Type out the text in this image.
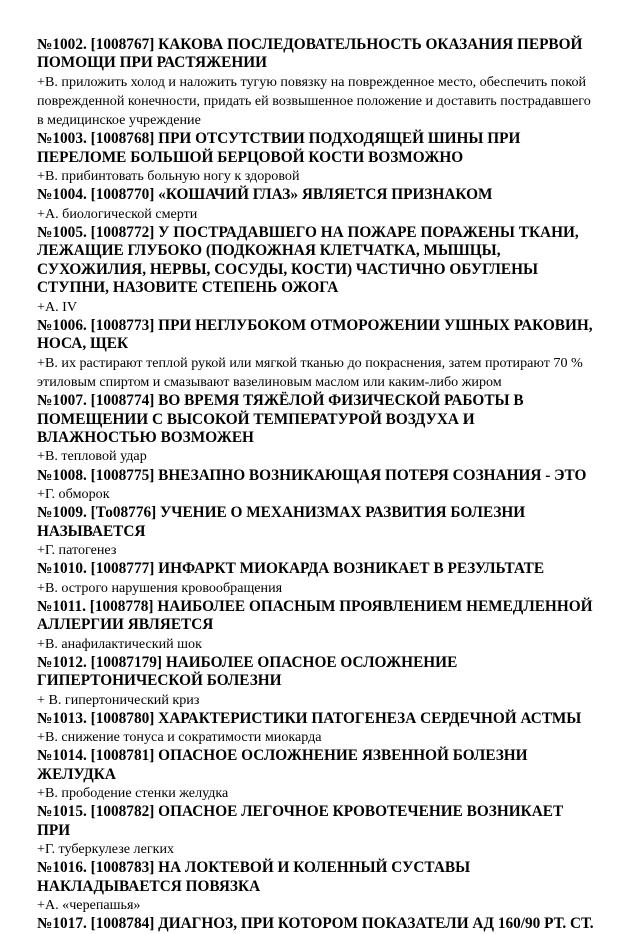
№1002. [1008767] КАКОВА ПОСЛЕДОВАТЕЛЬНОСТЬ ОКАЗАНИЯ ПЕРВОЙ ПОМОЩИ ПРИ РАСТЯЖЕНИИ

+В. приложить холод и наложить тугую повязку на поврежденное место, обеспечить покой поврежденной конечности, придать ей возвышенное положение и доставить пострадавшего в медицинское учреждение

№1003. [1008768] ПРИ ОТСУТСТВИИ ПОДХОДЯЩЕЙ ШИНЫ ПРИ ПЕРЕЛОМЕ БОЛЬШОЙ БЕРЦОВОЙ КОСТИ ВОЗМОЖНО

+В. прибинтовать больную ногу к здоровой

№1004. [1008770] «КОШАЧИЙ ГЛАЗ» ЯВЛЯЕТСЯ ПРИЗНАКОМ

+А. биологической смерти

№1005. [1008772] У ПОСТРАДАВШЕГО НА ПОЖАРЕ ПОРАЖЕНЫ ТКАНИ, ЛЕЖАЩИЕ ГЛУБОКО (ПОДКОЖНАЯ КЛЕТЧАТКА, МЫШЦЫ, СУХОЖИЛИЯ, НЕРВЫ, СОСУДЫ, КОСТИ) ЧАСТИЧНО ОБУГЛЕНЫ СТУПНИ, НАЗОВИТЕ СТЕПЕНЬ ОЖОГА

+А. IV

№1006. [1008773] ПРИ НЕГЛУБОКОМ ОТМОРОЖЕНИИ УШНЫХ РАКОВИН, НОСА, ЩЕК

+В. их растирают теплой рукой или мягкой тканью до покраснения, затем протирают 70 % этиловым спиртом и смазывают вазелиновым маслом или каким-либо жиром

№1007. [1008774] ВО ВРЕМЯ ТЯЖЁЛОЙ ФИЗИЧЕСКОЙ РАБОТЫ В ПОМЕЩЕНИИ С ВЫСОКОЙ ТЕМПЕРАТУРОЙ ВОЗДУХА И ВЛАЖНОСТЬЮ ВОЗМОЖЕН

+В. тепловой удар

№1008. [1008775] ВНЕЗАПНО ВОЗНИКАЮЩАЯ ПОТЕРЯ СОЗНАНИЯ - ЭТО

+Г. обморок

№1009. [То08776] УЧЕНИЕ О МЕХАНИЗМАХ РАЗВИТИЯ БОЛЕЗНИ НАЗЫВАЕТСЯ

+Г. патогенез

№1010. [1008777] ИНФАРКТ МИОКАРДА ВОЗНИКАЕТ В РЕЗУЛЬТАТЕ

+В. острого нарушения кровообращения

№1011. [1008778] НАИБОЛЕЕ ОПАСНЫМ ПРОЯВЛЕНИЕМ НЕМЕДЛЕННОЙ АЛЛЕРГИИ ЯВЛЯЕТСЯ

+В. анафилактический шок

№1012. [10087179] НАИБОЛЕЕ ОПАСНОЕ ОСЛОЖНЕНИЕ ГИПЕРТОНИЧЕСКОЙ БОЛЕЗНИ

+ В. гипертонический криз

№1013. [1008780] ХАРАКТЕРИСТИКИ ПАТОГЕНЕЗА СЕРДЕЧНОЙ АСТМЫ

+В. снижение тонуса и сократимости миокарда

№1014. [1008781] ОПАСНОЕ ОСЛОЖНЕНИЕ ЯЗВЕННОЙ БОЛЕЗНИ ЖЕЛУДКА

+В. прободение стенки желудка

№1015. [1008782] ОПАСНОЕ ЛЕГОЧНОЕ КРОВОТЕЧЕНИЕ ВОЗНИКАЕТ ПРИ

+Г. туберкулезе легких

№1016. [1008783] НА ЛОКТЕВОЙ И КОЛЕННЫЙ СУСТАВЫ НАКЛАДЫВАЕТСЯ ПОВЯЗКА

+А. «черепашья»

№1017. [1008784] ДИАГНОЗ, ПРИ КОТОРОМ ПОКАЗАТЕЛИ АД 160/90 РТ. СТ.
